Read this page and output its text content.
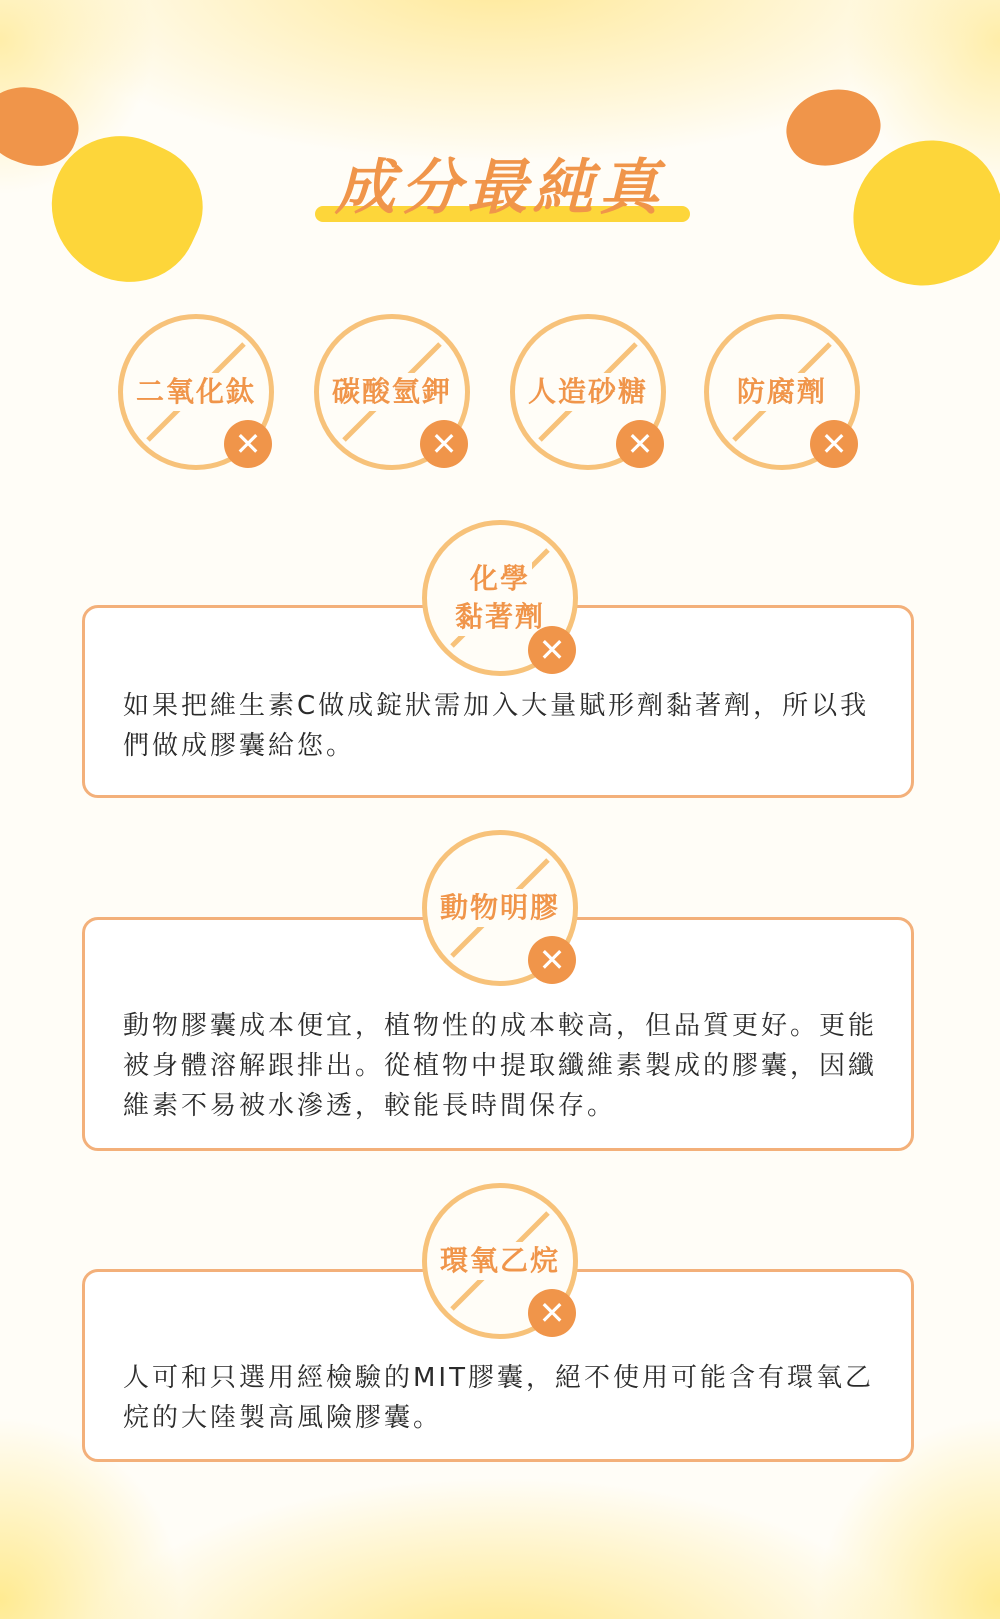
成分最純真
二氧化鈦
✕
碳酸氫鉀
✕
人造砂糖
✕
防腐劑
✕
如果把維生素C做成錠狀需加入大量賦形劑黏著劑，所以我們做成膠囊給您。
化學
黏著劑
✕
動物膠囊成本便宜，植物性的成本較高，但品質更好。更能被身體溶解跟排出。從植物中提取纖維素製成的膠囊，因纖維素不易被水滲透，較能長時間保存。
動物明膠
✕
人可和只選用經檢驗的MIT膠囊，絕不使用可能含有環氧乙烷的大陸製高風險膠囊。
環氧乙烷
✕
